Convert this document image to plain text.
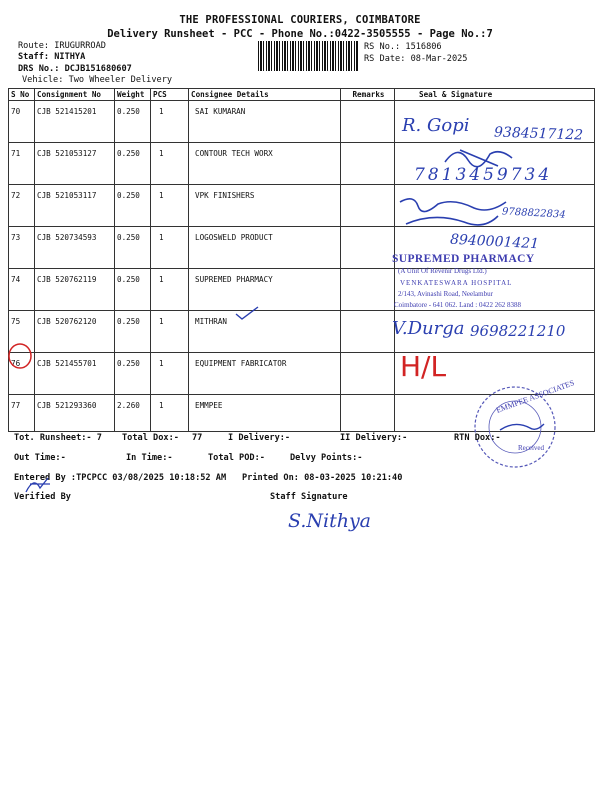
THE PROFESSIONAL COURIERS, COIMBATORE
Delivery Runsheet - PCC - Phone No.:0422-3505555 - Page No.:7
Route: IRUGURROAD
Staff: NITHYA
DRS No.: DCJB151680607
Vehicle: Two Wheeler Delivery
RS No.: 1516806
RS Date: 08-Mar-2025
S No	Consignment No	Weight	PCS	Consignee Details	Remarks	Seal & Signature
70	CJB 521415201	0.250	1	SAI KUMARAN		
71	CJB 521053127	0.250	1	CONTOUR TECH WORX		
72	CJB 521053117	0.250	1	VPK FINISHERS		
73	CJB 520734593	0.250	1	LOGOSWELD PRODUCT		
74	CJB 520762119	0.250	1	SUPREMED PHARMACY		
75	CJB 520762120	0.250	1	MITHRAN		
76	CJB 521455701	0.250	1	EQUIPMENT FABRICATOR		
77	CJB 521293360	2.260	1	EMMPEE		
R. Gopi 9384517122
7813459734
9788822834
8940001421
SUPREMED PHARMACY
(A Unit Of Revenir Drugs Ltd.)
VENKATESWARA HOSPITAL
2/143, Avinashi Road, Neelambur
Coimbatore - 641 062. Land : 0422 262 8388
V.Durga 9698221210
H/L
EMMPEE ASSOCIATES
Received
Tot. Runsheet:- 7 Total Dox:- 77	I Delivery:-	II Delivery:-	RTN Dox:-
Out Time:-	In Time:-	Total POD:-	Delvy Points:-
Entered By :TPCPCC 03/08/2025 10:18:52 AM Printed On: 08-03-2025 10:21:40
Verified By	Staff Signature
S.Nithya
